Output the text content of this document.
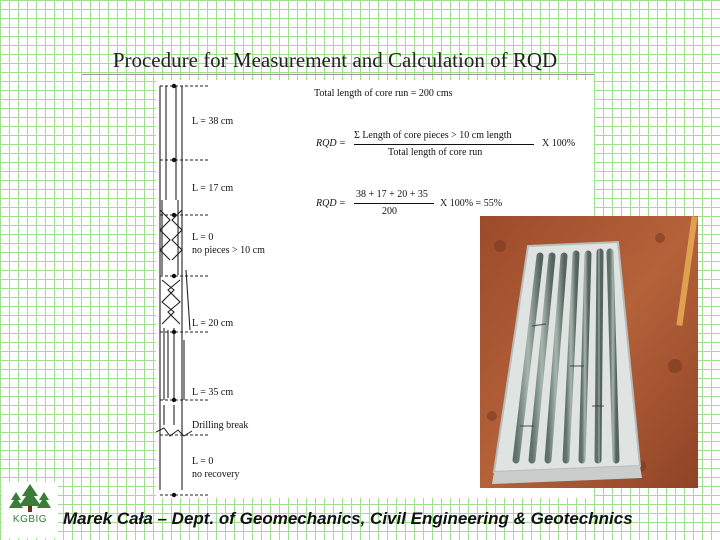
Procedure for Measurement and Calculation of RQD
L = 38 cm
L = 17 cm
L = 0
no pieces > 10 cm
L = 20 cm
L = 35 cm
Drilling break
L = 0
no recovery
Total length of core run = 200 cms
RQD =
Σ Length of core pieces > 10 cm length
Total length of core run
X 100%
RQD =
38 + 17 + 20 + 35
200
X 100% = 55%
KGBIG Marek Cała – Dept. of Geomechanics, Civil Engineering & Geotechnics
